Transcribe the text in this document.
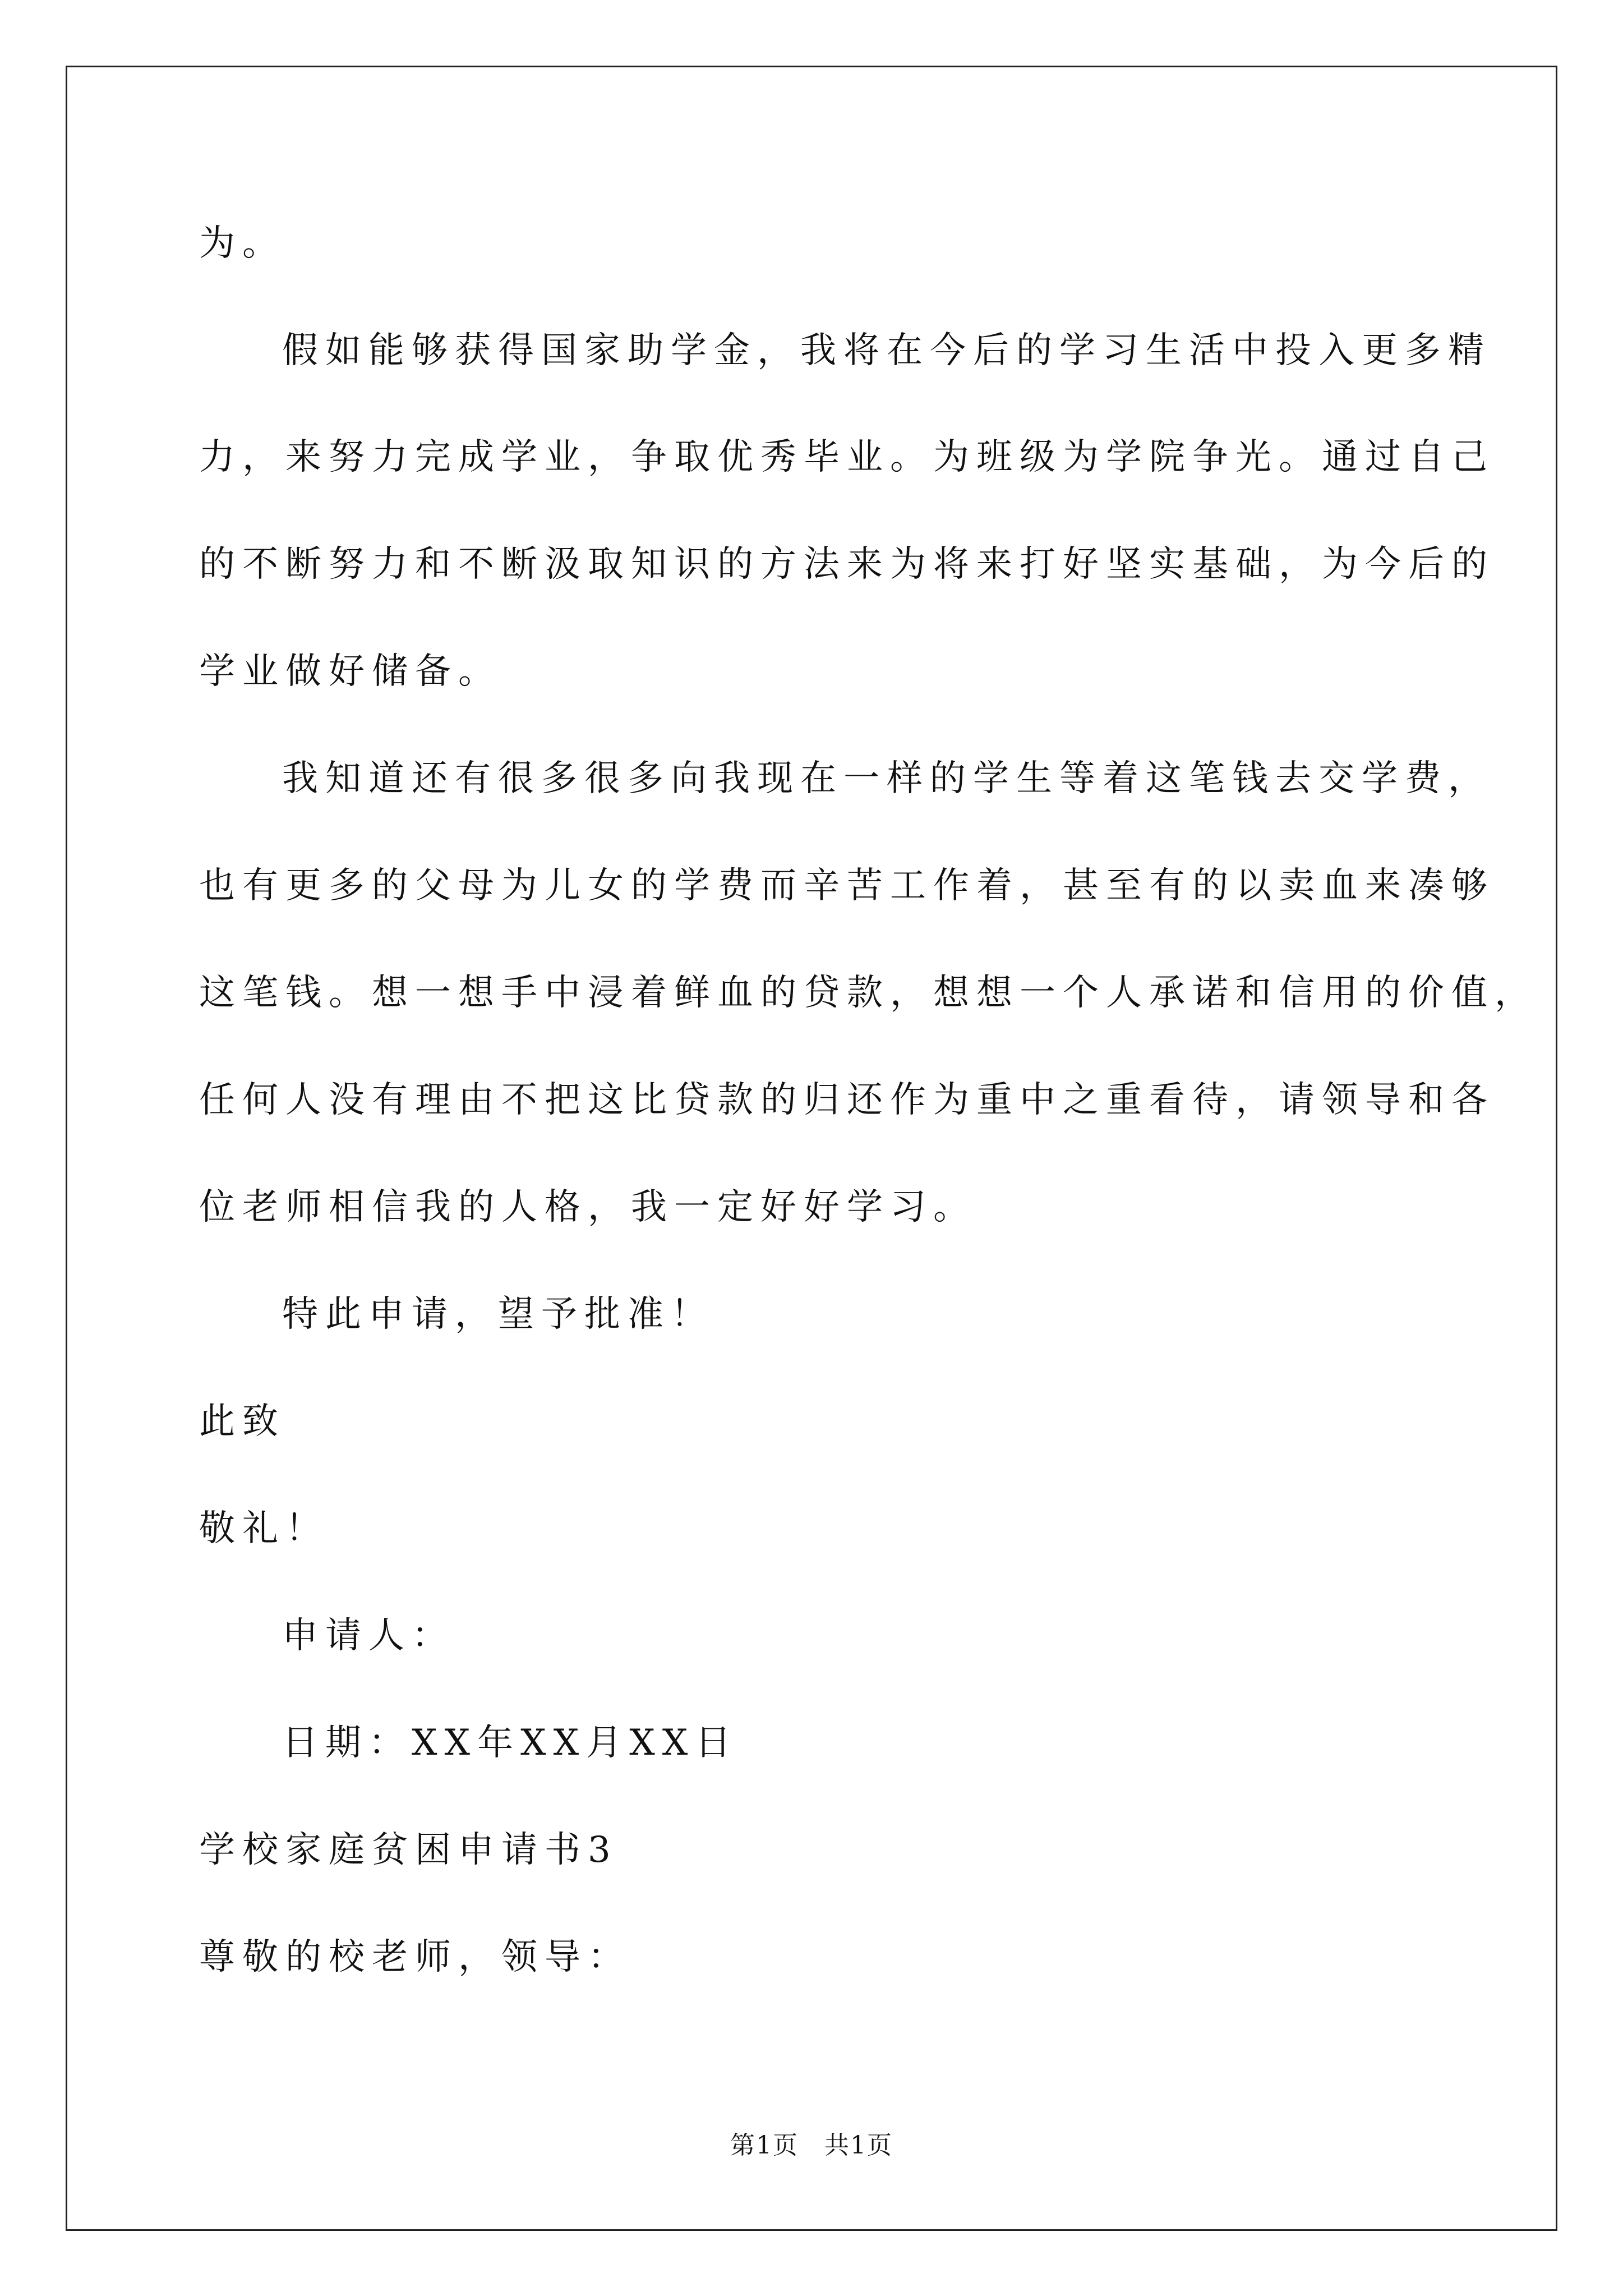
为。
假如能够获得国家助学金，我将在今后的学习生活中投入更多精
力，来努力完成学业，争取优秀毕业。为班级为学院争光。通过自己
的不断努力和不断汲取知识的方法来为将来打好坚实基础，为今后的
学业做好储备。
我知道还有很多很多向我现在一样的学生等着这笔钱去交学费，
也有更多的父母为儿女的学费而辛苦工作着，甚至有的以卖血来凑够
这笔钱。想一想手中浸着鲜血的贷款，想想一个人承诺和信用的价值，
任何人没有理由不把这比贷款的归还作为重中之重看待，请领导和各
位老师相信我的人格，我一定好好学习。
特此申请，望予批准！
此致
敬礼！
申请人：
日期：XX年XX月XX日
学校家庭贫困申请书3
尊敬的校老师，领导：
第1页 共1页
